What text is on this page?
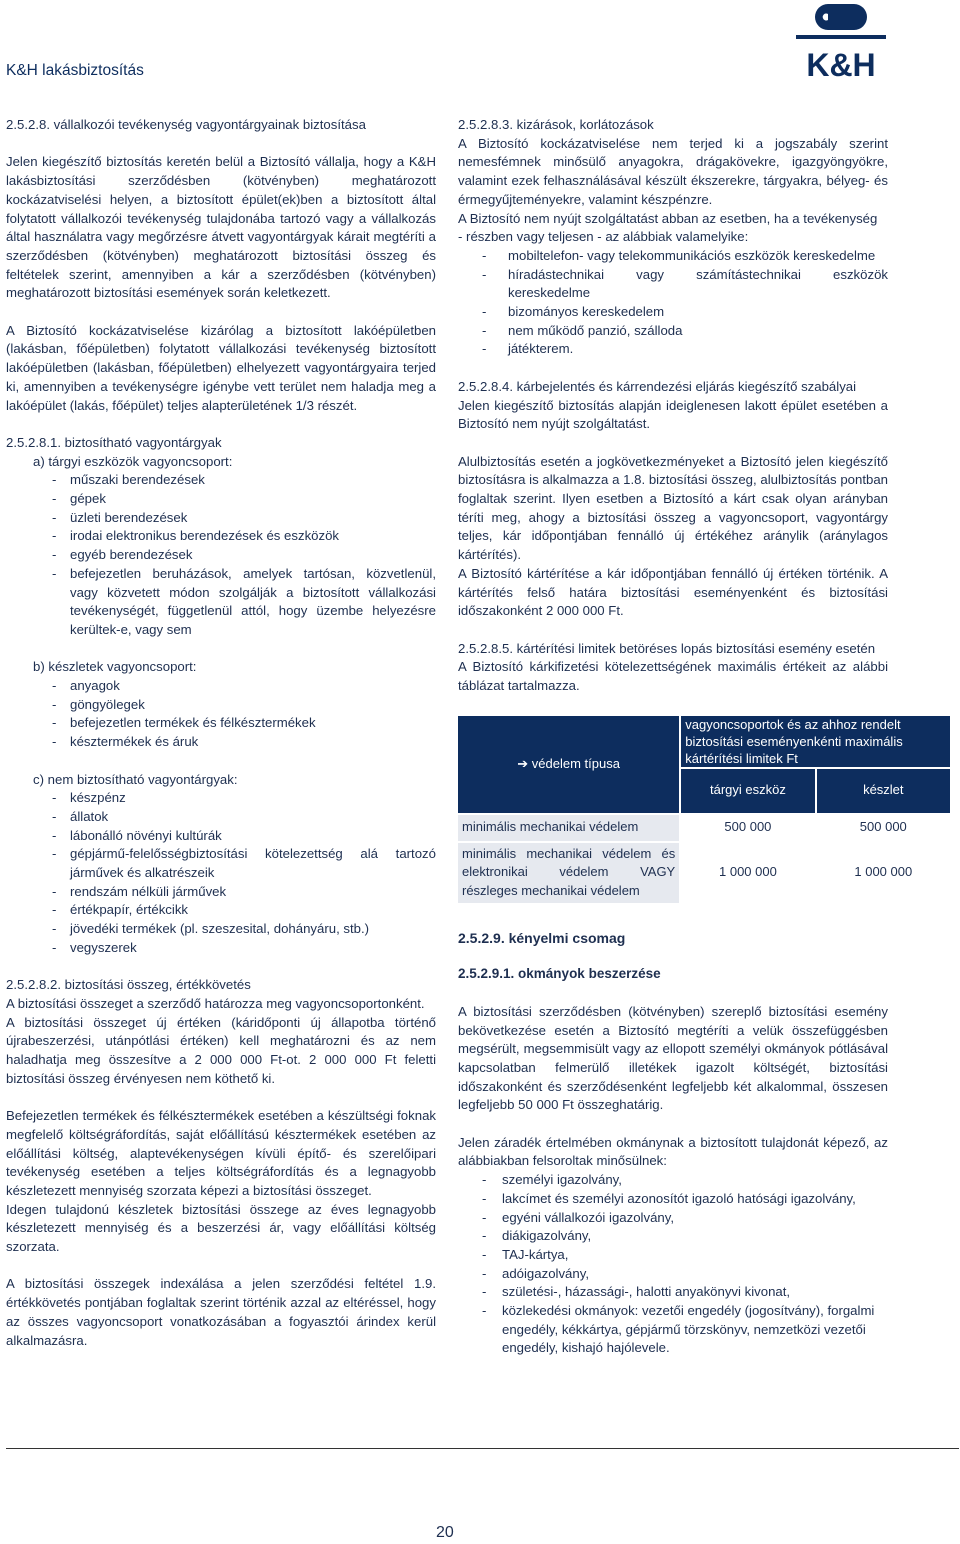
K&H lakásbiztosítás	K&H

2.5.2.8. vállalkozói tevékenység vagyontárgyainak biztosítása

Jelen kiegészítő biztosítás keretén belül a Biztosító vállalja, hogy a K&H lakásbiztosítási szerződésben (kötvényben) meghatározott kockázatviselési helyen, a biztosított épület(ek)ben a biztosított által folytatott vállalkozói tevékenység tulajdonába tartozó vagy a vállalkozás által használatra vagy megőrzésre átvett vagyontárgyak kárait megtéríti a szerződésben (kötvényben) meghatározott biztosítási összeg és feltételek szerint, amennyiben a kár a szerződésben (kötvényben) meghatározott biztosítási események során keletkezett.

A Biztosító kockázatviselése kizárólag a biztosított lakóépületben (lakásban, főépületben) folytatott vállalkozási tevékenység biztosított lakóépületben (lakásban, főépületben) elhelyezett vagyontárgyaira terjed ki, amennyiben a tevékenységre igénybe vett terület nem haladja meg a lakóépület (lakás, főépület) teljes alapterületének 1/3 részét.

2.5.2.8.1. biztosítható vagyontárgyak

a) tárgyi eszközök vagyoncsoport:

- műszaki berendezések
- gépek
- üzleti berendezések
- irodai elektronikus berendezések és eszközök
- egyéb berendezések
- befejezetlen beruházások, amelyek tartósan, közvetlenül, vagy közvetett módon szolgálják a biztosított vállalkozási tevékenységét, függetlenül attól, hogy üzembe helyezésre kerültek-e, vagy sem

b) készletek vagyoncsoport:

- anyagok
- göngyölegek
- befejezetlen termékek és félkésztermékek
- késztermékek és áruk

c) nem biztosítható vagyontárgyak:

- készpénz
- állatok
- lábonálló növényi kultúrák
- gépjármű-felelősségbiztosítási kötelezettség alá tartozó járművek és alkatrészeik
- rendszám nélküli járművek
- értékpapír, értékcikk
- jövedéki termékek (pl. szeszesital, dohányáru, stb.)
- vegyszerek

2.5.2.8.2. biztosítási összeg, értékkövetés

A biztosítási összeget a szerződő határozza meg vagyoncsoportonként.

A biztosítási összeget új értéken (káridőponti új állapotba történő újrabeszerzési, utánpótlási értéken) kell meghatározni és az nem haladhatja meg összesítve a 2 000 000 Ft-ot. 2 000 000 Ft feletti biztosítási összeg érvényesen nem köthető ki.

Befejezetlen termékek és félkésztermékek esetében a készültségi foknak megfelelő költségráfordítás, saját előállítású késztermékek esetében az előállítási költség, alaptevékenységen kívüli építő- és szerelőipari tevékenység esetében a teljes költségráfordítás és a legnagyobb készletezett mennyiség szorzata képezi a biztosítási összeget.

Idegen tulajdonú készletek biztosítási összege az éves legnagyobb készletezett mennyiség és a beszerzési ár, vagy előállítási költség szorzata.

A biztosítási összegek indexálása a jelen szerződési feltétel 1.9. értékkövetés pontjában foglaltak szerint történik azzal az eltéréssel, hogy az összes vagyoncsoport vonatkozásában a fogyasztói árindex kerül alkalmazásra.

2.5.2.8.3. kizárások, korlátozások

A Biztosító kockázatviselése nem terjed ki a jogszabály szerint nemesfémnek minősülő anyagokra, drágakövekre, igazgyöngyökre, valamint ezek felhasználásával készült ékszerekre, tárgyakra, bélyeg- és érmegyűjteményekre, valamint készpénzre.

A Biztosító nem nyújt szolgáltatást abban az esetben, ha a tevékenység

- részben vagy teljesen - az alábbiak valamelyike:

- mobiltelefon- vagy telekommunikációs eszközök kereskedelme
- híradástechnikai vagy számítástechnikai eszközök kereskedelme
- bizományos kereskedelem
- nem működő panzió, szálloda
- játékterem.

2.5.2.8.4. kárbejelentés és kárrendezési eljárás kiegészítő szabályai

Jelen kiegészítő biztosítás alapján ideiglenesen lakott épület esetében a Biztosító nem nyújt szolgáltatást.

Alulbiztosítás esetén a jogkövetkezményeket a Biztosító jelen kiegészítő biztosításra is alkalmazza a 1.8. biztosítási összeg, alulbiztosítás pontban foglaltak szerint. Ilyen esetben a Biztosító a kárt csak olyan arányban téríti meg, ahogy a biztosítási összeg a vagyoncsoport, vagyontárgy teljes, kár időpontjában fennálló új értékéhez aránylik (aránylagos kártérítés).

A Biztosító kártérítése a kár időpontjában fennálló új értéken történik. A kártérítés felső határa biztosítási eseményenként és biztosítási időszakonként 2 000 000 Ft.

2.5.2.8.5. kártérítési limitek betöréses lopás biztosítási esemény esetén

A Biztosító kárkifizetési kötelezettségének maximális értékeit az alábbi táblázat tartalmazza.

➔ védelem típusa	vagyoncsoportok és az ahhoz rendelt biztosítási eseményenkénti maximális kártérítési limitek Ft	
	tárgyi eszköz	készlet
minimális mechanikai védelem	500 000	500 000
minimális mechanikai védelem és elektronikai védelem VAGY részleges mechanikai védelem	1 000 000	1 000 000

2.5.2.9. kényelmi csomag

2.5.2.9.1. okmányok beszerzése

A biztosítási szerződésben (kötvényben) szereplő biztosítási esemény bekövetkezése esetén a Biztosító megtéríti a velük összefüggésben megsérült, megsemmisült vagy az ellopott személyi okmányok pótlásával kapcsolatban felmerülő illetékek igazolt költségét, biztosítási időszakonként és szerződésenként legfeljebb két alkalommal, összesen legfeljebb 50 000 Ft összeghatárig.

Jelen záradék értelmében okmánynak a biztosított tulajdonát képező, az alábbiakban felsoroltak minősülnek:

- személyi igazolvány,
- lakcímet és személyi azonosítót igazoló hatósági igazolvány,
- egyéni vállalkozói igazolvány,
- diákigazolvány,
- TAJ-kártya,
- adóigazolvány,
- születési-, házassági-, halotti anyakönyvi kivonat,
- közlekedési okmányok: vezetői engedély (jogosítvány), forgalmi engedély, kékkártya, gépjármű törzskönyv, nemzetközi vezetői engedély, kishajó hajólevele.
20
